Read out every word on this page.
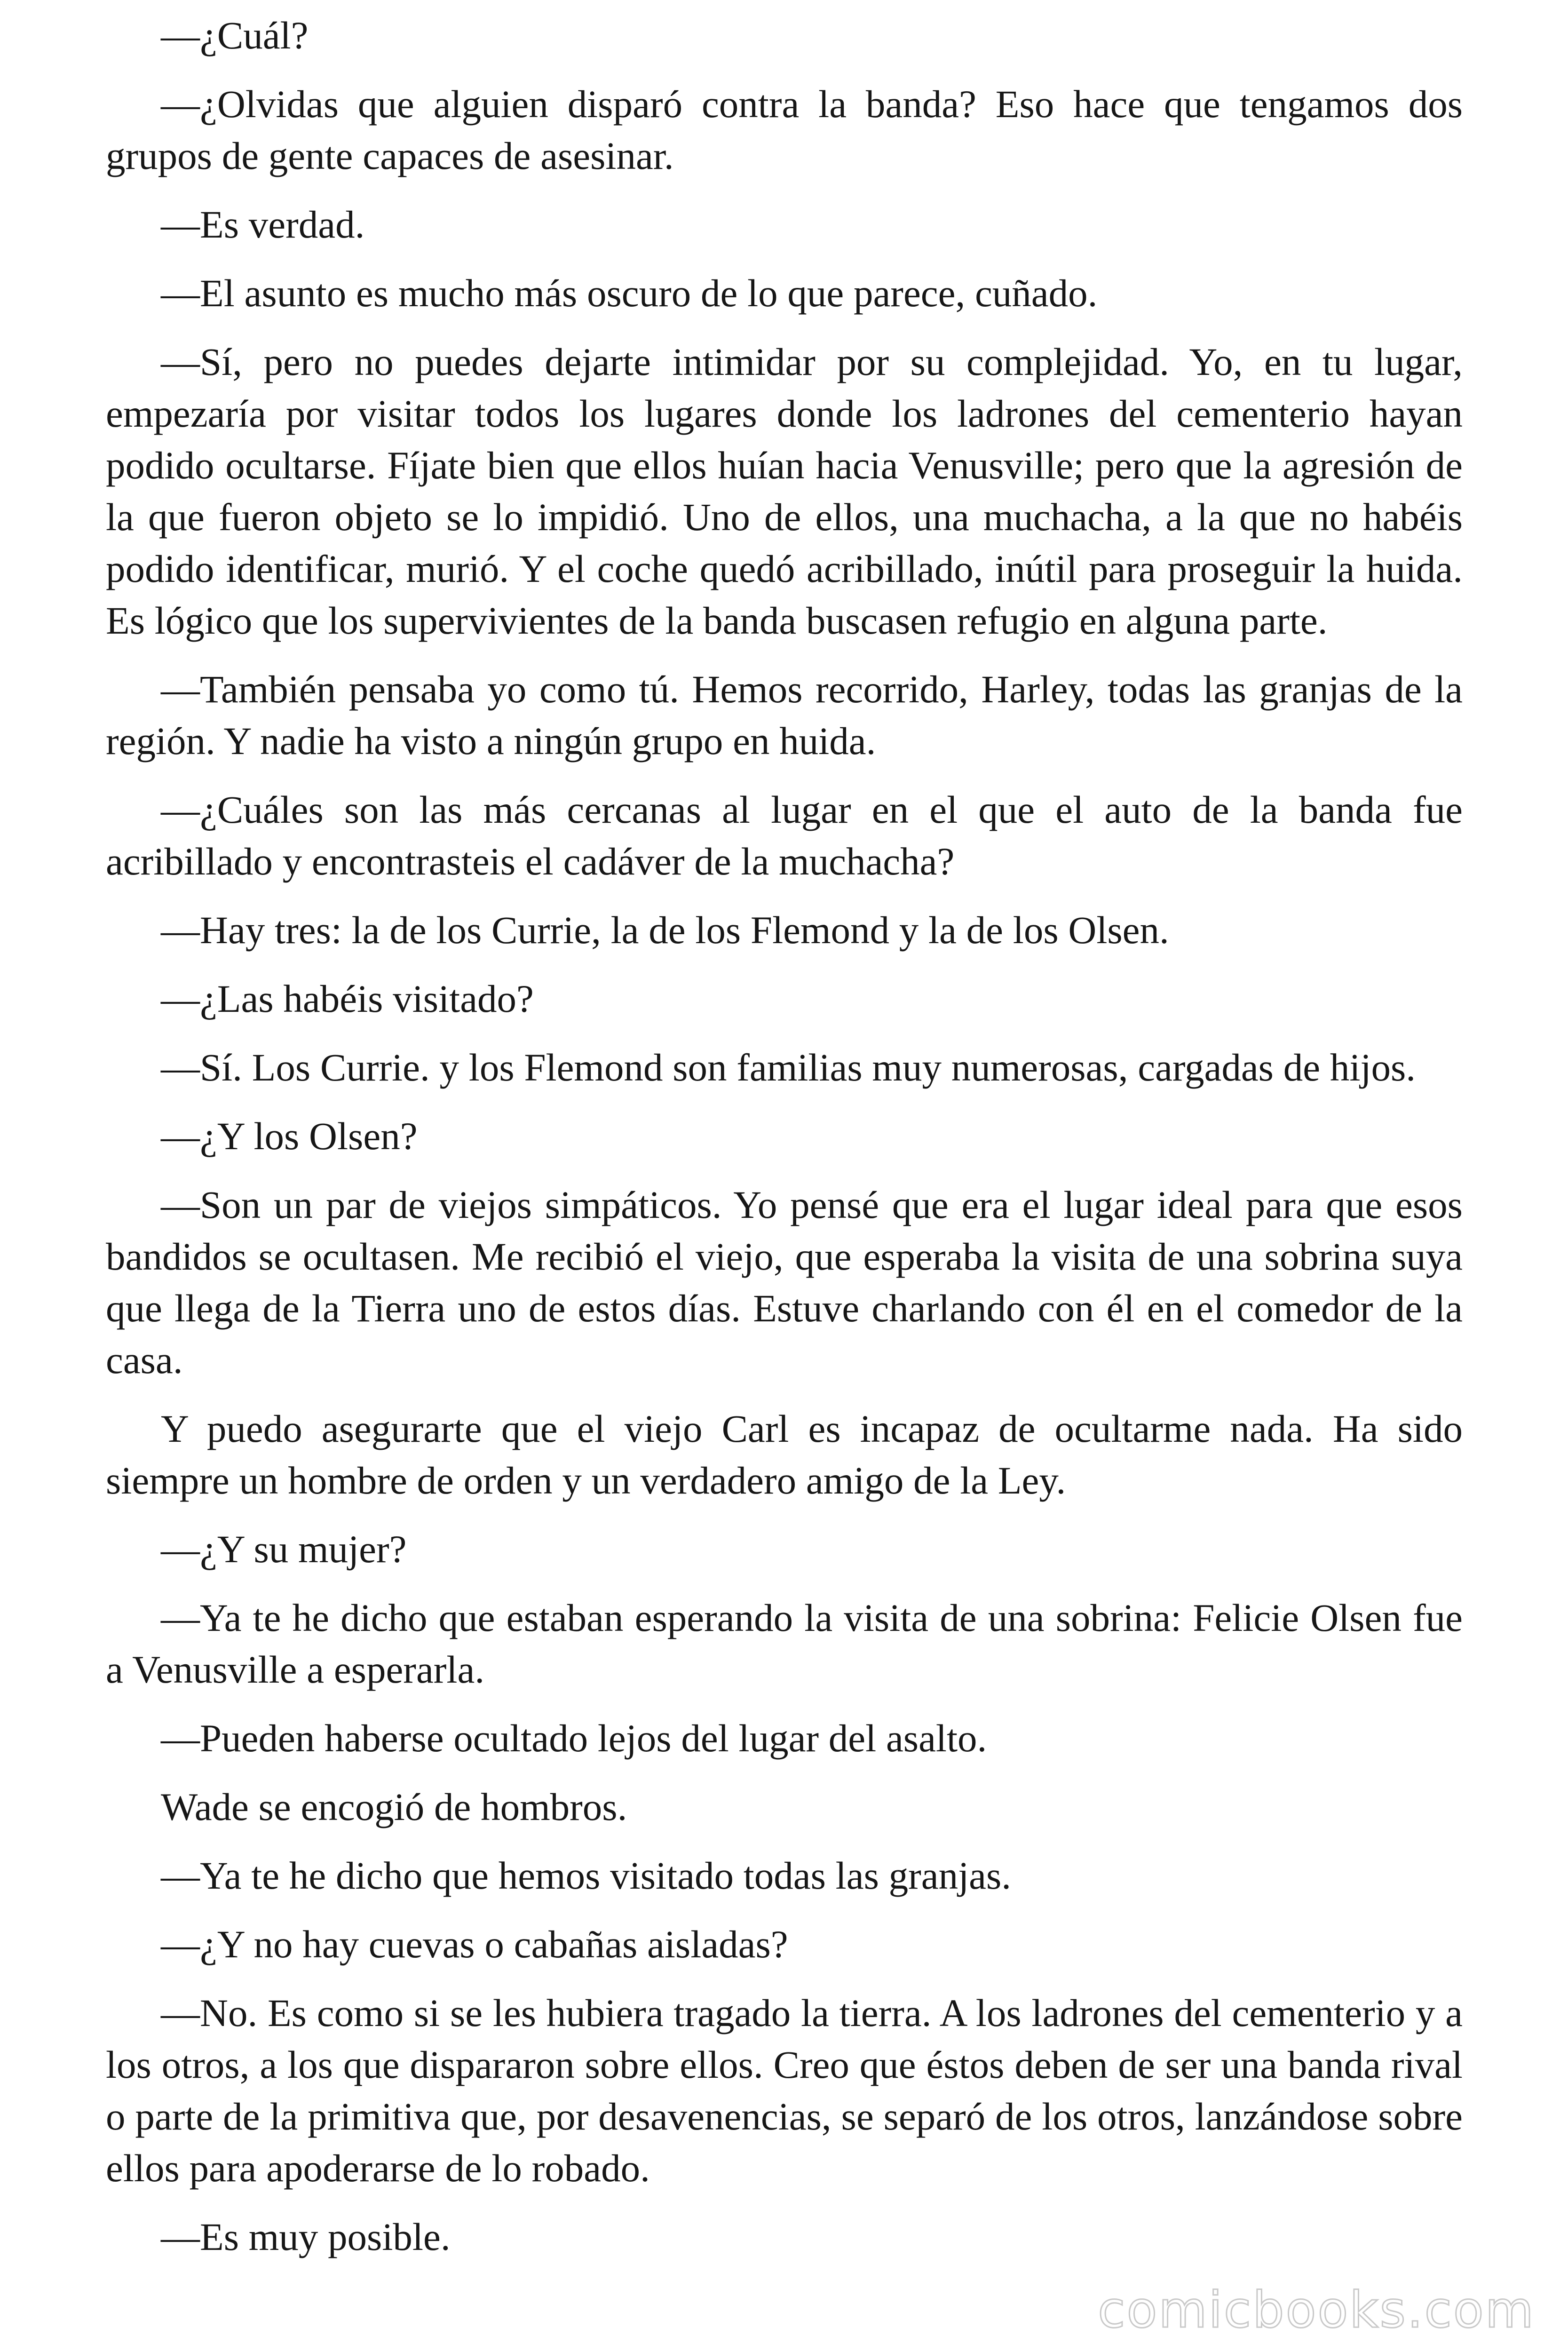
—¿Cuál?

—¿Olvidas que alguien disparó contra la banda? Eso hace que tengamos dos grupos de gente capaces de asesinar.

—Es verdad.

—El asunto es mucho más oscuro de lo que parece, cuñado.

—Sí, pero no puedes dejarte intimidar por su complejidad. Yo, en tu lugar, empezaría por visitar todos los lugares donde los ladrones del cementerio hayan podido ocultarse. Fíjate bien que ellos huían hacia Venusville; pero que la agresión de la que fueron objeto se lo impidió. Uno de ellos, una muchacha, a la que no habéis podido identificar, murió. Y el coche quedó acribillado, inútil para proseguir la huida. Es lógico que los supervivientes de la banda buscasen refugio en alguna parte.

—También pensaba yo como tú. Hemos recorrido, Harley, todas las granjas de la región. Y nadie ha visto a ningún grupo en huida.

—¿Cuáles son las más cercanas al lugar en el que el auto de la banda fue acribillado y encontrasteis el cadáver de la muchacha?

—Hay tres: la de los Currie, la de los Flemond y la de los Olsen.

—¿Las habéis visitado?

—Sí. Los Currie. y los Flemond son familias muy numerosas, cargadas de hijos.

—¿Y los Olsen?

—Son un par de viejos simpáticos. Yo pensé que era el lugar ideal para que esos bandidos se ocultasen. Me recibió el viejo, que esperaba la visita de una sobrina suya que llega de la Tierra uno de estos días. Estuve charlando con él en el comedor de la casa.

Y puedo asegurarte que el viejo Carl es incapaz de ocultarme nada. Ha sido siempre un hombre de orden y un verdadero amigo de la Ley.

—¿Y su mujer?

—Ya te he dicho que estaban esperando la visita de una sobrina: Felicie Olsen fue a Venusville a esperarla.

—Pueden haberse ocultado lejos del lugar del asalto.

Wade se encogió de hombros.

—Ya te he dicho que hemos visitado todas las granjas.

—¿Y no hay cuevas o cabañas aisladas?

—No. Es como si se les hubiera tragado la tierra. A los ladrones del cementerio y a los otros, a los que dispararon sobre ellos. Creo que éstos deben de ser una banda rival o parte de la primitiva que, por desavenencias, se separó de los otros, lanzándose sobre ellos para apoderarse de lo robado.

—Es muy posible.

comicbooks.com
